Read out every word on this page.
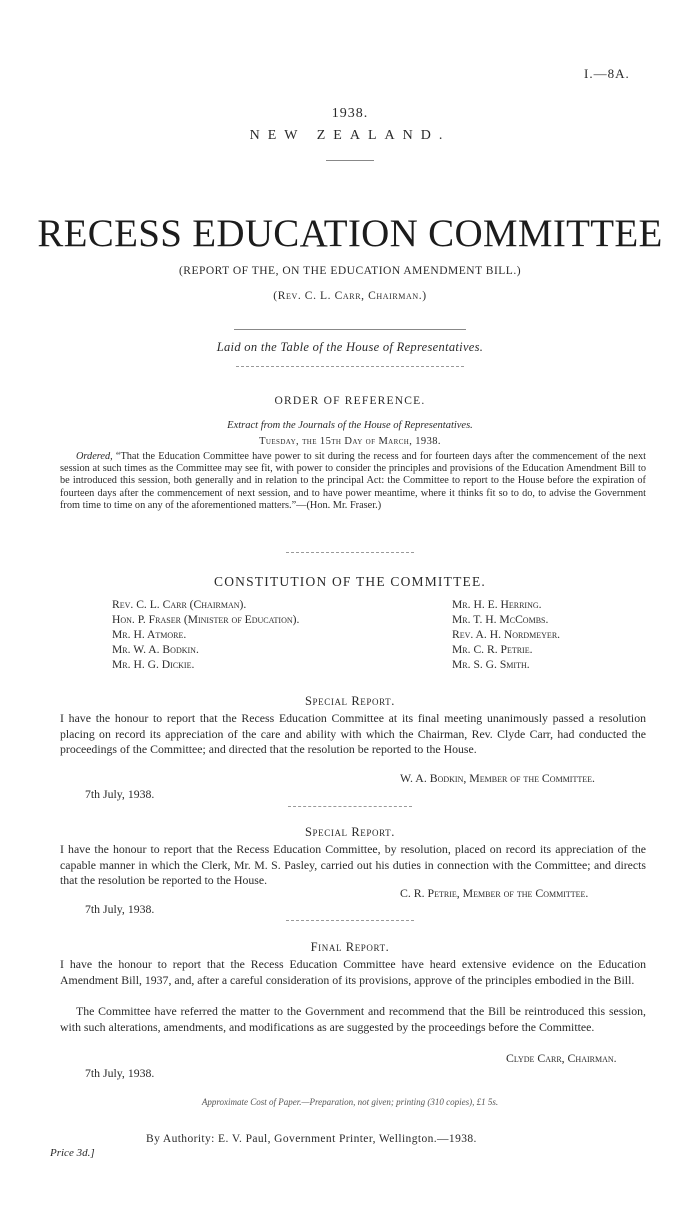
I.—8A.
1938.
NEW ZEALAND.
RECESS EDUCATION COMMITTEE
(REPORT OF THE, ON THE EDUCATION AMENDMENT BILL.)
(Rev. C. L. Carr, Chairman.)
Laid on the Table of the House of Representatives.
ORDER OF REFERENCE.
Extract from the Journals of the House of Representatives.
Tuesday, the 15th Day of March, 1938.
Ordered, “That the Education Committee have power to sit during the recess and for fourteen days after the commencement of the next session at such times as the Committee may see fit, with power to consider the principles and provisions of the Education Amendment Bill to be introduced this session, both generally and in relation to the principal Act: the Committee to report to the House before the expiration of fourteen days after the commencement of next session, and to have power meantime, where it thinks fit so to do, to advise the Government from time to time on any of the aforementioned matters.”—(Hon. Mr. Fraser.)
CONSTITUTION OF THE COMMITTEE.
Rev. C. L. Carr (Chairman).
Hon. P. Fraser (Minister of Education).
Mr. H. Atmore.
Mr. W. A. Bodkin.
Mr. H. G. Dickie.
Mr. H. E. Herring.
Mr. T. H. McCombs.
Rev. A. H. Nordmeyer.
Mr. C. R. Petrie.
Mr. S. G. Smith.
Special Report.
I have the honour to report that the Recess Education Committee at its final meeting unanimously passed a resolution placing on record its appreciation of the care and ability with which the Chairman, Rev. Clyde Carr, had conducted the proceedings of the Committee; and directed that the resolution be reported to the House.
W. A. Bodkin, Member of the Committee.
7th July, 1938.
Special Report.
I have the honour to report that the Recess Education Committee, by resolution, placed on record its appreciation of the capable manner in which the Clerk, Mr. M. S. Pasley, carried out his duties in connection with the Committee; and directs that the resolution be reported to the House.
C. R. Petrie, Member of the Committee.
7th July, 1938.
Final Report.
I have the honour to report that the Recess Education Committee have heard extensive evidence on the Education Amendment Bill, 1937, and, after a careful consideration of its provisions, approve of the principles embodied in the Bill.
The Committee have referred the matter to the Government and recommend that the Bill be reintroduced this session, with such alterations, amendments, and modifications as are suggested by the proceedings before the Committee.
Clyde Carr, Chairman.
7th July, 1938.
Approximate Cost of Paper.—Preparation, not given; printing (310 copies), £1 5s.
By Authority: E. V. Paul, Government Printer, Wellington.—1938.
Price 3d.]
